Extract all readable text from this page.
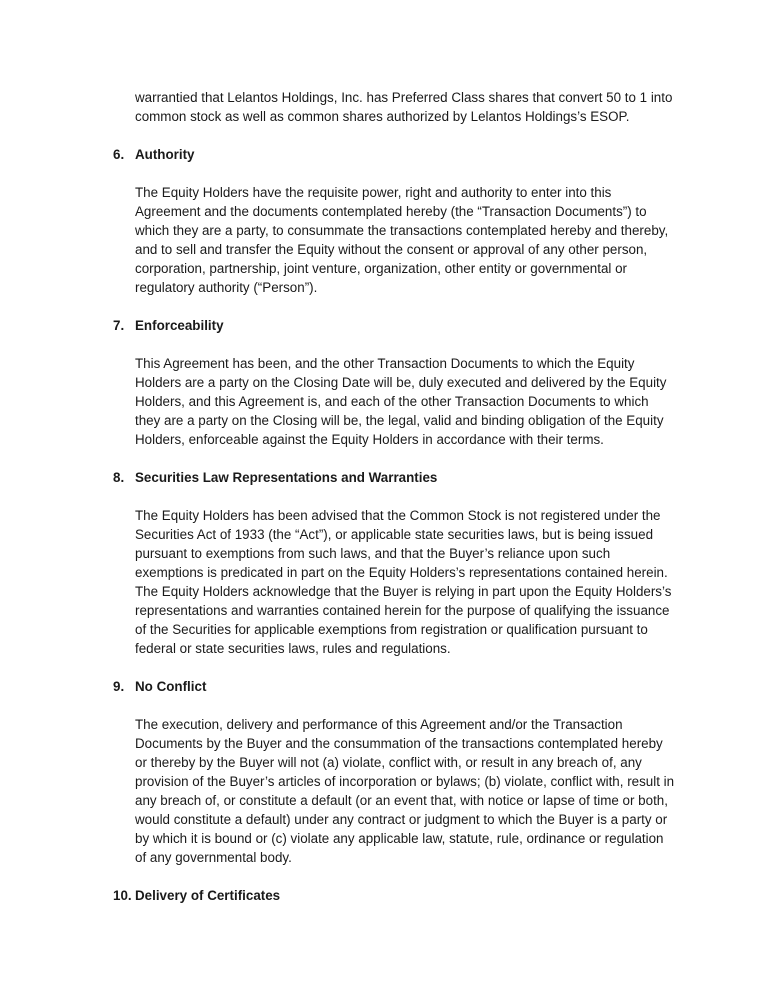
warrantied that Lelantos Holdings, Inc. has Preferred Class shares that convert 50 to 1 into common stock as well as common shares authorized by Lelantos Holdings’s ESOP.

6. Authority

The Equity Holders have the requisite power, right and authority to enter into this Agreement and the documents contemplated hereby (the “Transaction Documents”) to which they are a party, to consummate the transactions contemplated hereby and thereby, and to sell and transfer the Equity without the consent or approval of any other person, corporation, partnership, joint venture, organization, other entity or governmental or regulatory authority (“Person”).

7. Enforceability

This Agreement has been, and the other Transaction Documents to which the Equity Holders are a party on the Closing Date will be, duly executed and delivered by the Equity Holders, and this Agreement is, and each of the other Transaction Documents to which they are a party on the Closing will be, the legal, valid and binding obligation of the Equity Holders, enforceable against the Equity Holders in accordance with their terms.

8. Securities Law Representations and Warranties

The Equity Holders has been advised that the Common Stock is not registered under the Securities Act of 1933 (the “Act”), or applicable state securities laws, but is being issued pursuant to exemptions from such laws, and that the Buyer’s reliance upon such exemptions is predicated in part on the Equity Holders’s representations contained herein. The Equity Holders acknowledge that the Buyer is relying in part upon the Equity Holders’s representations and warranties contained herein for the purpose of qualifying the issuance of the Securities for applicable exemptions from registration or qualification pursuant to federal or state securities laws, rules and regulations.

9. No Conflict

The execution, delivery and performance of this Agreement and/or the Transaction Documents by the Buyer and the consummation of the transactions contemplated hereby or thereby by the Buyer will not (a) violate, conflict with, or result in any breach of, any provision of the Buyer’s articles of incorporation or bylaws; (b) violate, conflict with, result in any breach of, or constitute a default (or an event that, with notice or lapse of time or both, would constitute a default) under any contract or judgment to which the Buyer is a party or by which it is bound or (c) violate any applicable law, statute, rule, ordinance or regulation of any governmental body.

10. Delivery of Certificates
